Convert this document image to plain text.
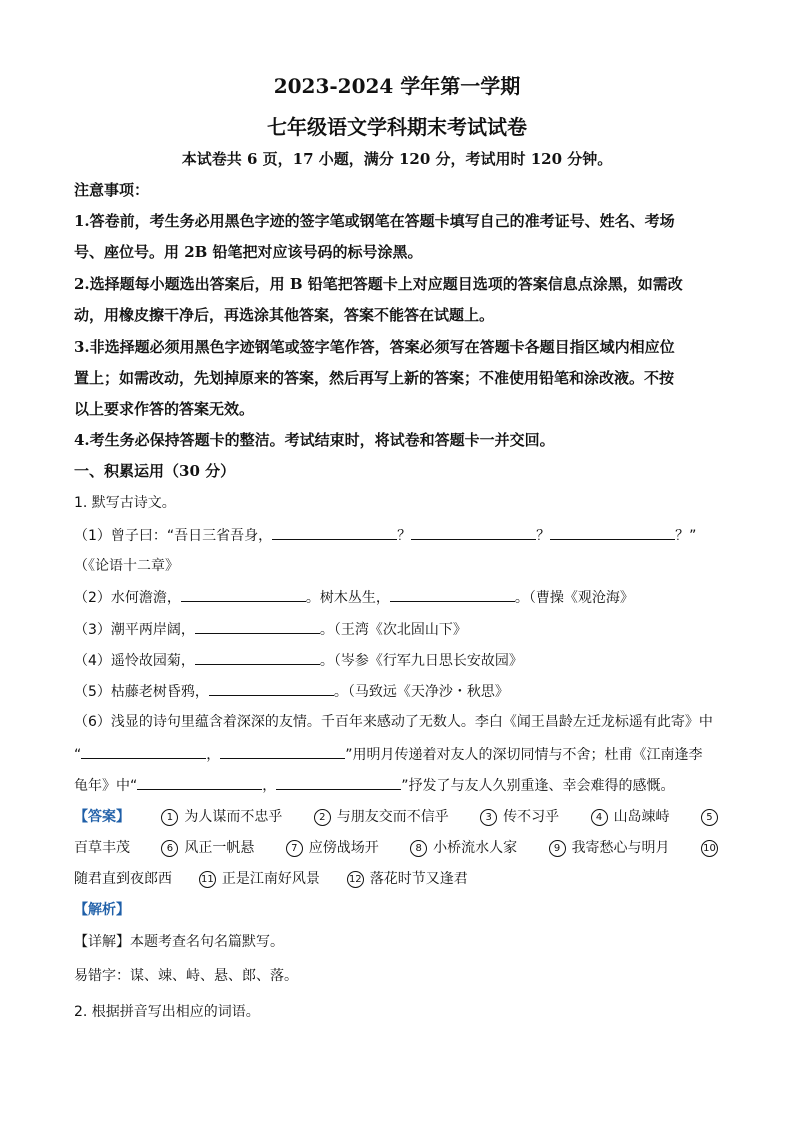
2023-2024 学年第一学期
七年级语文学科期末考试试卷
本试卷共 6 页，17 小题，满分 120 分，考试用时 120 分钟。
注意事项：
1.答卷前，考生务必用黑色字迹的签字笔或钢笔在答题卡填写自己的准考证号、姓名、考场
号、座位号。用 2B 铅笔把对应该号码的标号涂黑。
2.选择题每小题选出答案后，用 B 铅笔把答题卡上对应题目选项的答案信息点涂黑，如需改
动，用橡皮擦干净后，再选涂其他答案，答案不能答在试题上。
3.非选择题必须用黑色字迹钢笔或签字笔作答，答案必须写在答题卡各题目指区域内相应位
置上；如需改动，先划掉原来的答案，然后再写上新的答案；不准使用铅笔和涂改液。不按
以上要求作答的答案无效。
4.考生务必保持答题卡的整洁。考试结束时，将试卷和答题卡一并交回。
一、积累运用（30 分）
1. 默写古诗文。
（1）曾子曰：“吾日三省吾身，	？	？	？”
（《论语十二章》
（2）水何澹澹，	。树木丛生，	。（曹操《观沧海》
（3）潮平两岸阔，	。（王湾《次北固山下》
（4）遥怜故园菊，	。（岑参《行军九日思长安故园》
（5）枯藤老树昏鸦，	。（马致远《天净沙・秋思》
（6）浅显的诗句里蕴含着深深的友情。千百年来感动了无数人。李白《闻王昌龄左迁龙标遥有此寄》中
“	，	”用明月传递着对友人的深切同情与不舍；杜甫《江南逢李
龟年》中“	，	”抒发了与友人久别重逢、幸会难得的感慨。
【答案】	1 为人谋而不忠乎	2 与朋友交而不信乎	3 传不习乎	4 山岛竦峙	5
百草丰茂	6 风正一帆悬	7 应傍战场开	8 小桥流水人家	9 我寄愁心与明月	10
随君直到夜郎西	11 正是江南好风景	12 落花时节又逢君
【解析】
【详解】本题考查名句名篇默写。
易错字：谋、竦、峙、悬、郎、落。
2. 根据拼音写出相应的词语。
